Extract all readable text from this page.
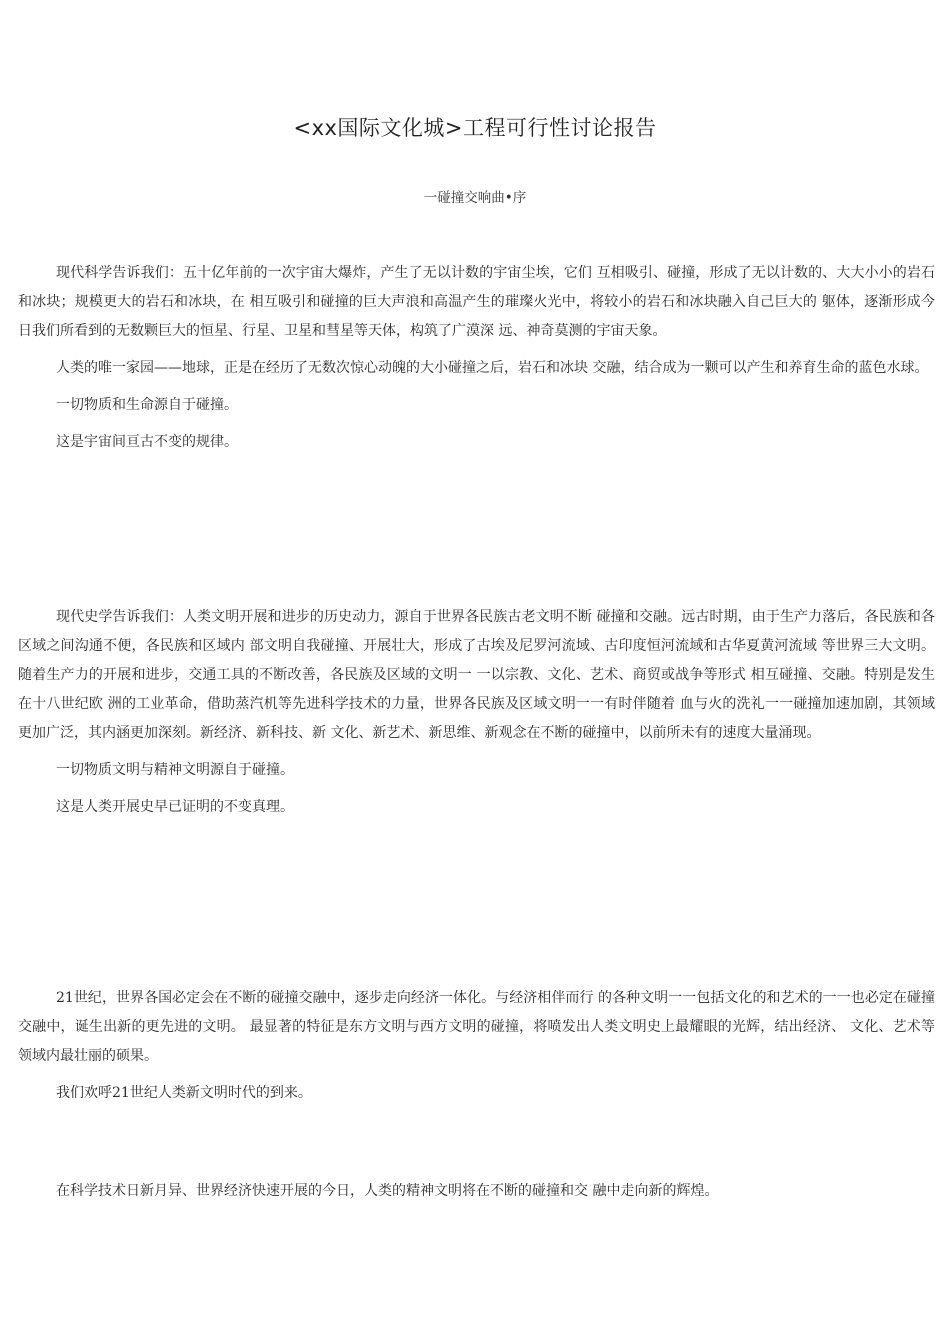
<xx国际文化城>工程可行性讨论报告
一碰撞交响曲•序

现代科学告诉我们：五十亿年前的一次宇宙大爆炸，产生了无以计数的宇宙尘埃，它们 互相吸引、碰撞，形成了无以计数的、大大小小的岩石和冰块；规模更大的岩石和冰块，在 相互吸引和碰撞的巨大声浪和高温产生的璀璨火光中，将较小的岩石和冰块融入自己巨大的 躯体，逐渐形成今日我们所看到的无数颗巨大的恒星、行星、卫星和彗星等天体，构筑了广漠深 远、神奇莫测的宇宙天象。

人类的唯一家园——地球，正是在经历了无数次惊心动魄的大小碰撞之后，岩石和冰块 交融，结合成为一颗可以产生和养育生命的蓝色水球。

一切物质和生命源自于碰撞。

这是宇宙间亘古不变的规律。

现代史学告诉我们：人类文明开展和进步的历史动力，源自于世界各民族古老文明不断 碰撞和交融。远古时期，由于生产力落后，各民族和各区域之间沟通不便，各民族和区域内 部文明自我碰撞、开展壮大，形成了古埃及尼罗河流域、古印度恒河流域和古华夏黄河流域 等世界三大文明。随着生产力的开展和进步，交通工具的不断改善，各民族及区域的文明一 一以宗教、文化、艺术、商贸或战争等形式 相互碰撞、交融。特别是发生在十八世纪欧 洲的工业革命，借助蒸汽机等先进科学技术的力量，世界各民族及区域文明一一有时伴随着 血与火的洗礼一一碰撞加速加剧，其领域更加广泛，其内涵更加深刻。新经济、新科技、新 文化、新艺术、新思维、新观念在不断的碰撞中，以前所未有的速度大量涌现。

一切物质文明与精神文明源自于碰撞。

这是人类开展史早已证明的不变真理。

21世纪，世界各国必定会在不断的碰撞交融中，逐步走向经济一体化。与经济相伴而行 的各种文明一一包括文化的和艺术的一一也必定在碰撞交融中，诞生出新的更先进的文明。 最显著的特征是东方文明与西方文明的碰撞，将喷发出人类文明史上最耀眼的光辉，结出经济、 文化、艺术等领域内最壮丽的硕果。

我们欢呼21世纪人类新文明时代的到来。

在科学技术日新月异、世界经济快速开展的今日，人类的精神文明将在不断的碰撞和交 融中走向新的辉煌。
